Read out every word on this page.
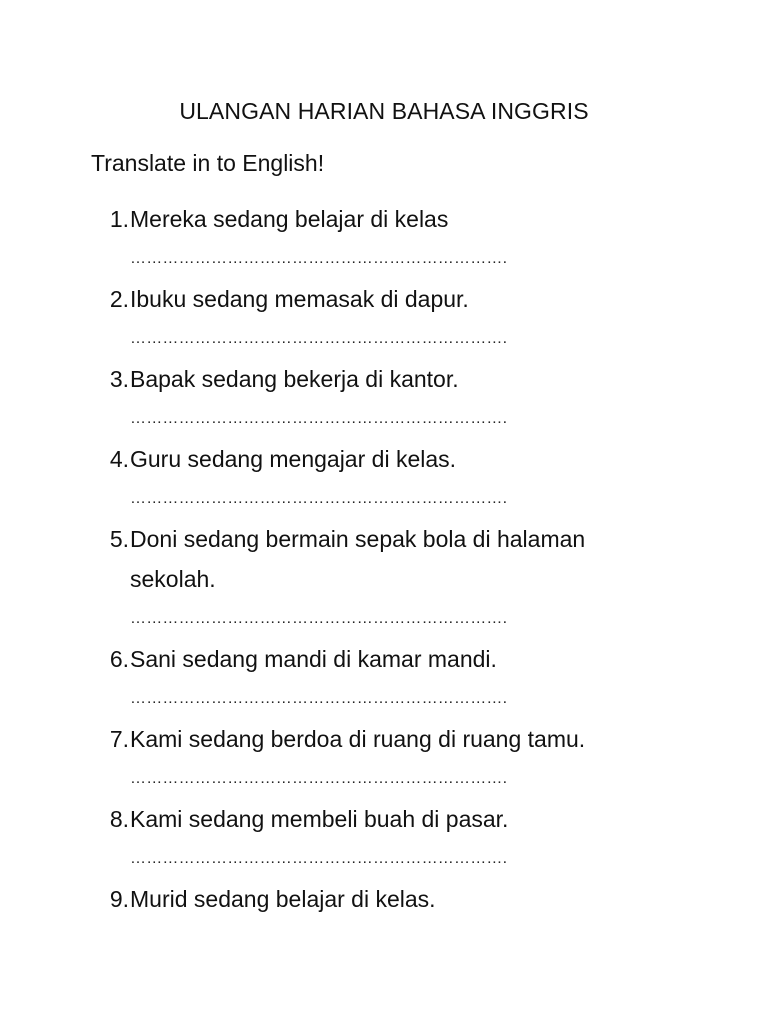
ULANGAN HARIAN BAHASA INGGRIS
Translate in to English!
1. Mereka sedang belajar di kelas
…………………………………………………………….
2. Ibuku sedang memasak di dapur.
…………………………………………………………….
3. Bapak sedang bekerja di kantor.
…………………………………………………………….
4. Guru sedang mengajar di kelas.
…………………………………………………………….
5. Doni sedang bermain sepak bola di halaman sekolah.
…………………………………………………………….
6. Sani sedang mandi di kamar mandi.
…………………………………………………………….
7. Kami sedang berdoa di ruang di ruang tamu.
…………………………………………………………….
8. Kami sedang membeli buah di pasar.
…………………………………………………………….
9. Murid sedang belajar di kelas.
